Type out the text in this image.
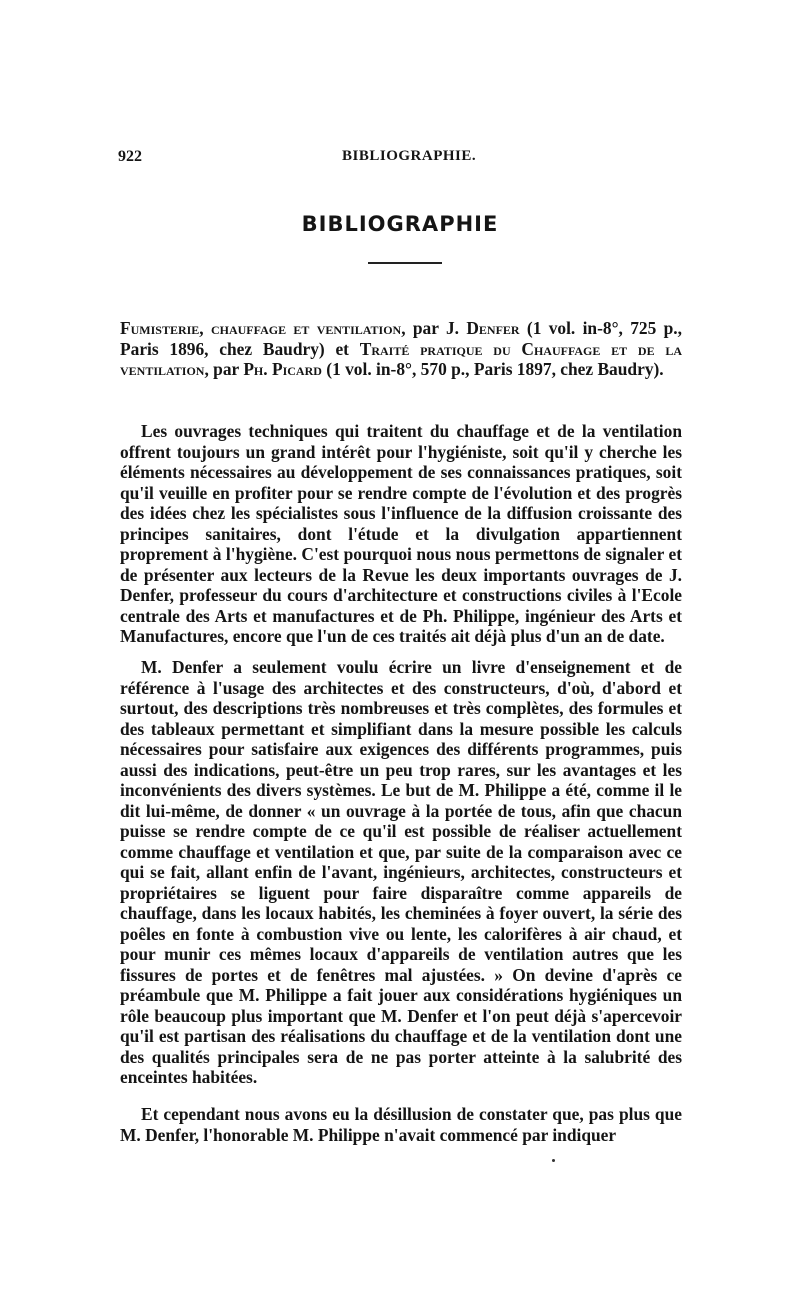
922	BIBLIOGRAPHIE.
BIBLIOGRAPHIE
Fumisterie, chauffage et ventilation, par J. Denfer (1 vol. in-8°, 725 p., Paris 1896, chez Baudry) et Traité pratique du Chauffage et de la ventilation, par Ph. Picard (1 vol. in-8°, 570 p., Paris 1897, chez Baudry).
Les ouvrages techniques qui traitent du chauffage et de la ventilation offrent toujours un grand intérêt pour l'hygiéniste, soit qu'il y cherche les éléments nécessaires au développement de ses connaissances pratiques, soit qu'il veuille en profiter pour se rendre compte de l'évolution et des progrès des idées chez les spécialistes sous l'influence de la diffusion croissante des principes sanitaires, dont l'étude et la divulgation appartiennent proprement à l'hygiène. C'est pourquoi nous nous permettons de signaler et de présenter aux lecteurs de la Revue les deux importants ouvrages de J. Denfer, professeur du cours d'architecture et constructions civiles à l'Ecole centrale des Arts et manufactures et de Ph. Philippe, ingénieur des Arts et Manufactures, encore que l'un de ces traités ait déjà plus d'un an de date.
M. Denfer a seulement voulu écrire un livre d'enseignement et de référence à l'usage des architectes et des constructeurs, d'où, d'abord et surtout, des descriptions très nombreuses et très complètes, des formules et des tableaux permettant et simplifiant dans la mesure possible les calculs nécessaires pour satisfaire aux exigences des différents programmes, puis aussi des indications, peut-être un peu trop rares, sur les avantages et les inconvénients des divers systèmes. Le but de M. Philippe a été, comme il le dit lui-même, de donner « un ouvrage à la portée de tous, afin que chacun puisse se rendre compte de ce qu'il est possible de réaliser actuellement comme chauffage et ventilation et que, par suite de la comparaison avec ce qui se fait, allant enfin de l'avant, ingénieurs, architectes, constructeurs et propriétaires se liguent pour faire disparaître comme appareils de chauffage, dans les locaux habités, les cheminées à foyer ouvert, la série des poêles en fonte à combustion vive ou lente, les calorifères à air chaud, et pour munir ces mêmes locaux d'appareils de ventilation autres que les fissures de portes et de fenêtres mal ajustées. » On devine d'après ce préambule que M. Philippe a fait jouer aux considérations hygiéniques un rôle beaucoup plus important que M. Denfer et l'on peut déjà s'apercevoir qu'il est partisan des réalisations du chauffage et de la ventilation dont une des qualités principales sera de ne pas porter atteinte à la salubrité des enceintes habitées.
Et cependant nous avons eu la désillusion de constater que, pas plus que M. Denfer, l'honorable M. Philippe n'avait commencé par indiquer
